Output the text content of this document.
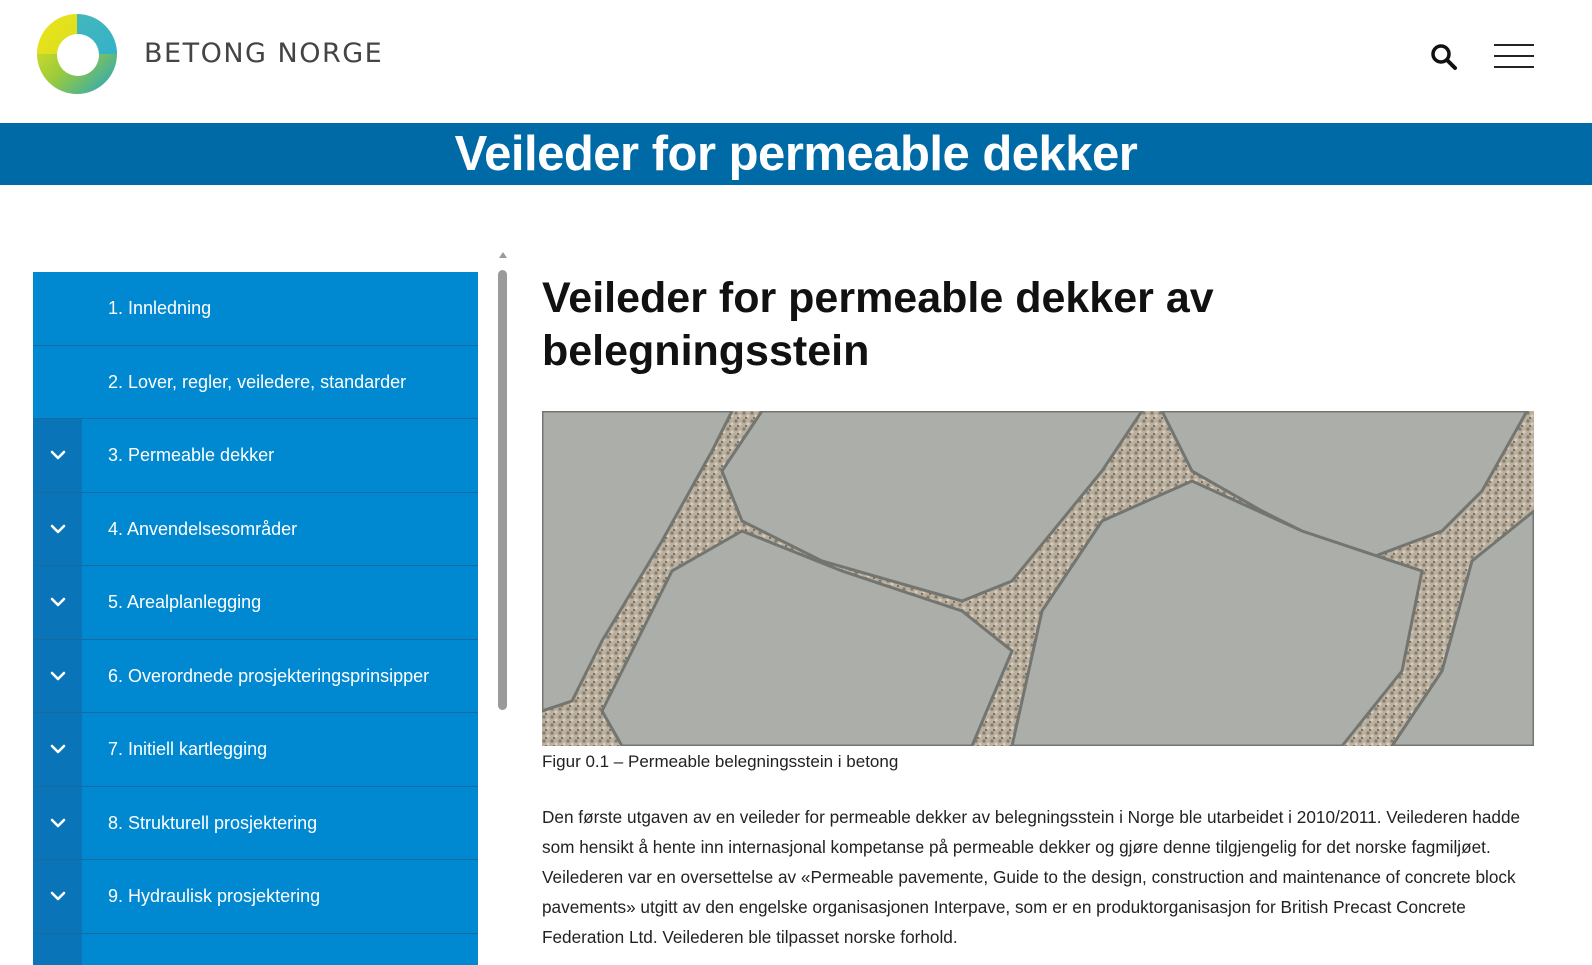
BETONG NORGE
Veileder for permeable dekker
1. Innledning
2. Lover, regler, veiledere, standarder
3. Permeable dekker
4. Anvendelsesområder
5. Arealplanlegging
6. Overordnede prosjekteringsprinsipper
7. Initiell kartlegging
8. Strukturell prosjektering
9. Hydraulisk prosjektering
Veileder for permeable dekker av belegningsstein
Figur 0.1 – Permeable belegningsstein i betong

Den første utgaven av en veileder for permeable dekker av belegningsstein i Norge ble utarbeidet i 2010/2011. Veilederen hadde som hensikt å hente inn internasjonal kompetanse på permeable dekker og gjøre denne tilgjengelig for det norske fagmiljøet. Veilederen var en oversettelse av «Permeable pavemente, Guide to the design, construction and maintenance of concrete block pavements» utgitt av den engelske organisasjonen Interpave, som er en produktorganisasjon for British Precast Concrete Federation Ltd. Veilederen ble tilpasset norske forhold.
